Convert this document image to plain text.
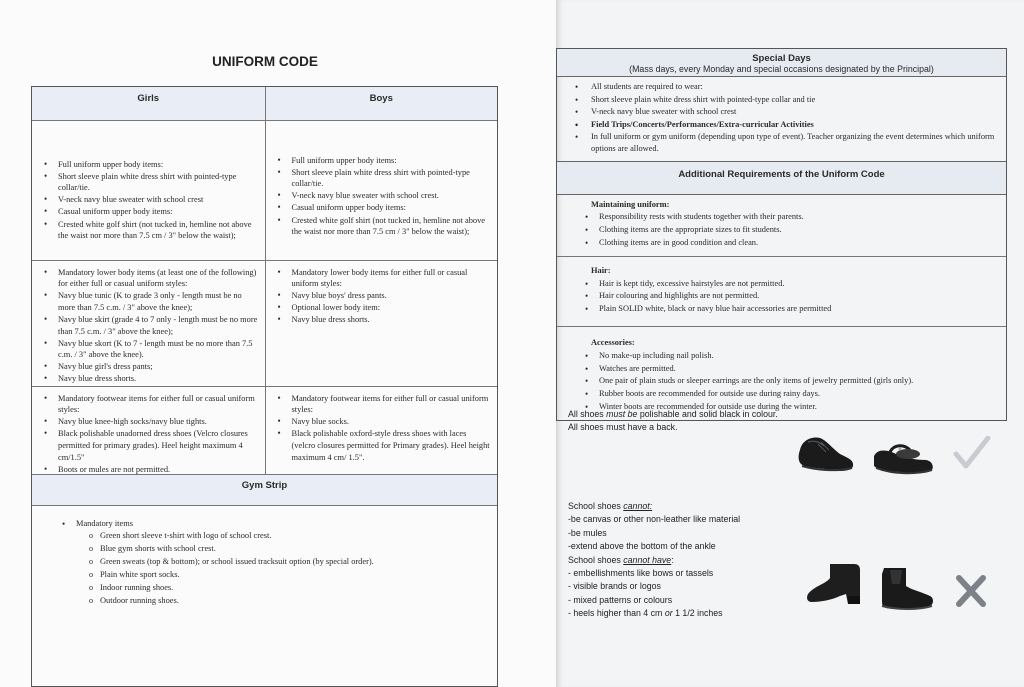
UNIFORM CODE
Girls	Boys
• Full uniform upper body items:
• Short sleeve plain white dress shirt with pointed-type collar/tie.
• V-neck navy blue sweater with school crest
• Casual uniform upper body items:
• Crested white golf shirt (not tucked in, hemline not above the waist nor more than 7.5 cm / 3" below the waist);
• Full uniform upper body items:
• Short sleeve plain white dress shirt with pointed-type collar/tie.
• V-neck navy blue sweater with school crest.
• Casual uniform upper body items:
• Crested white golf shirt (not tucked in, hemline not above the waist nor more than 7.5 cm / 3" below the waist);
• Mandatory lower body items (at least one of the following) for either full or casual uniform styles:
• Navy blue tunic (K to grade 3 only - length must be no more than 7.5 c.m. / 3" above the knee);
• Navy blue skirt (grade 4 to 7 only - length must be no more than 7.5 c.m. / 3" above the knee);
• Navy blue skort (K to 7 - length must be no more than 7.5 c.m. / 3" above the knee).
• Navy blue girl's dress pants;
• Navy blue dress shorts.
• Mandatory lower body items for either full or casual uniform styles:
• Navy blue boys' dress pants.
• Optional lower body item:
• Navy blue dress shorts.
• Mandatory footwear items for either full or casual uniform styles:
• Navy blue knee-high socks/navy blue tights.
• Black polishable unadorned dress shoes (Velcro closures permitted for primary grades). Heel height maximum 4 cm/1.5"
• Boots or mules are not permitted.
• Mandatory footwear items for either full or casual uniform styles:
• Navy blue socks.
• Black polishable oxford-style dress shoes with laces (velcro closures permitted for Primary grades). Heel height maximum 4 cm/ 1.5".
Gym Strip
• Mandatory items
o Green short sleeve t-shirt with logo of school crest.
o Blue gym shorts with school crest.
o Green sweats (top & bottom); or school issued tracksuit option (by special order).
o Plain white sport socks.
o Indoor running shoes.
o Outdoor running shoes.
Special Days
(Mass days, every Monday and special occasions designated by the Principal)
• All students are required to wear:
• Short sleeve plain white dress shirt with pointed-type collar and tie
• V-neck navy blue sweater with school crest
• Field Trips/Concerts/Performances/Extra-curricular Activities
• In full uniform or gym uniform (depending upon type of event). Teacher organizing the event determines which uniform options are allowed.
Additional Requirements of the Uniform Code
Maintaining uniform:
• Responsibility rests with students together with their parents.
• Clothing items are the appropriate sizes to fit students.
• Clothing items are in good condition and clean.
Hair:
• Hair is kept tidy, excessive hairstyles are not permitted.
• Hair colouring and highlights are not permitted.
• Plain SOLID white, black or navy blue hair accessories are permitted
Accessories:
• No make-up including nail polish.
• Watches are permitted.
• One pair of plain studs or sleeper earrings are the only items of jewelry permitted (girls only).
• Rubber boots are recommended for outside use during rainy days.
• Winter boots are recommended for outside use during the winter.
All shoes must be polishable and solid black in colour.
All shoes must have a back.
School shoes cannot:
-be canvas or other non-leather like material
-be mules
-extend above the bottom of the ankle
School shoes cannot have:
- embellishments like bows or tassels
- visible brands or logos
- mixed patterns or colours
- heels higher than 4 cm or 1 1/2 inches
